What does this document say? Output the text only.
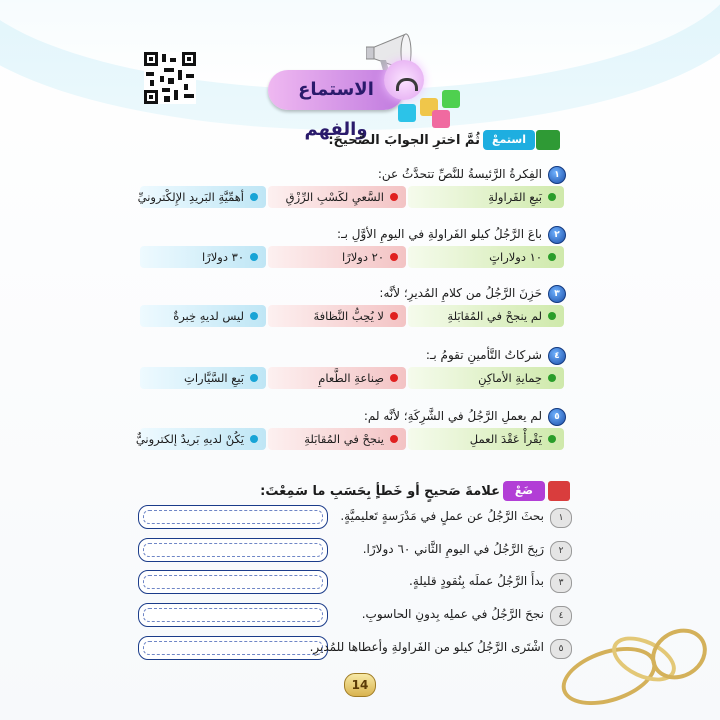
الاستماع والفهم	استمعْ
ثُمَّ اخترِ الجوابَ الصَّحيحَ:
١
الفِكرةُ الرَّئيسةُ للنَّصِّ تتحدَّثُ عن:
بَيعِ الفَراولةِ
السَّعيِ لكَسْبِ الرِّزْقِ
أهمِّيَّةِ البَريدِ الإِلكْترونيِّ
٢
باعَ الرَّجُلُ كيلو الفَراولةِ في اليومِ الأوَّلِ بـ:
١٠ دولاراتٍ
٢٠ دولارًا
٣٠ دولارًا
٣
حَزِنَ الرَّجُلُ من كلامِ المُديرِ؛ لأنَّه:
لم ينجحْ في المُقابَلةِ
لا يُحِبُّ النَّظافةَ
ليس لديهِ خِبرةٌ
٤
شركاتُ التَّأمينِ تقومُ بـ:
حِمايةِ الأماكِنِ
صِناعةِ الطَّعامِ
بَيعِ السَّيَّاراتِ
٥
لم يعملِ الرَّجُلُ في الشَّرِكَةِ؛ لأنَّه لم:
يَقْرأْ عَقْدَ العملِ
ينجحْ في المُقابَلةِ
يَكُنْ لديهِ بَريدٌ إلكترونيٌّ
ضَعْ
علامةَ صَحيحٍ أو خَطأٍ بِحَسَبِ ما سَمِعْتَ:
١
بحثَ الرَّجُلُ عن عملٍ في مَدْرَسةٍ تَعليميَّةٍ.
٢
رَبِحَ الرَّجُلُ في اليومِ الثَّاني ٦٠ دولارًا.
٣
بدأَ الرَّجُلُ عملَه بِنُقودٍ قليلةٍ.
٤
نجحَ الرَّجُلُ في عملِه بِدونِ الحاسوبِ.
٥
اشْتَرى الرَّجُلُ كيلو من الفَراولةِ وأعطاها للمُديرِ.
14
